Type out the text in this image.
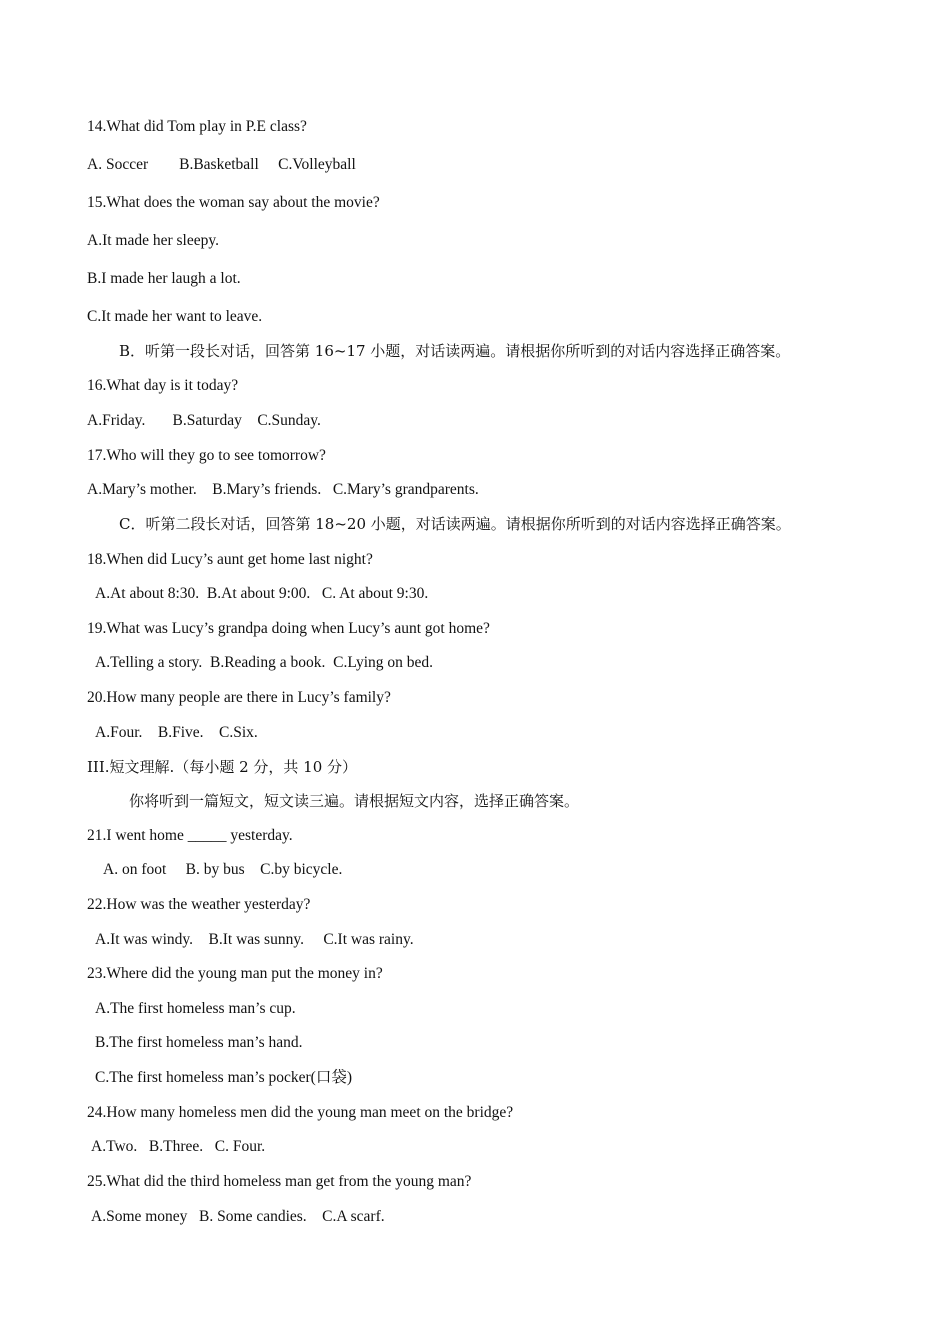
14.What did Tom play in P.E class?
A. Soccer        B.Basketball     C.Volleyball
15.What does the woman say about the movie?
A.It made her sleepy.
B.I made her laugh a lot.
C.It made her want to leave.
B．听第一段长对话，回答第 16~17 小题，对话读两遍。请根据你所听到的对话内容选择正确答案。
16.What day is it today?
A.Friday.       B.Saturday    C.Sunday.
17.Who will they go to see tomorrow?
A.Mary’s mother.    B.Mary’s friends.   C.Mary’s grandparents.
C．听第二段长对话，回答第 18~20 小题，对话读两遍。请根据你所听到的对话内容选择正确答案。
18.When did Lucy’s aunt get home last night?
A.At about 8:30.  B.At about 9:00.   C. At about 9:30.
19.What was Lucy’s grandpa doing when Lucy’s aunt got home?
A.Telling a story.  B.Reading a book.  C.Lying on bed.
20.How many people are there in Lucy’s family?
A.Four.    B.Five.    C.Six.
III.短文理解.（每小题 2 分，共 10 分）
你将听到一篇短文，短文读三遍。请根据短文内容，选择正确答案。
21.I went home _____ yesterday.
A. on foot     B. by bus    C.by bicycle.
22.How was the weather yesterday?
A.It was windy.    B.It was sunny.     C.It was rainy.
23.Where did the young man put the money in?
A.The first homeless man’s cup.
B.The first homeless man’s hand.
C.The first homeless man’s pocker(口袋)
24.How many homeless men did the young man meet on the bridge?
A.Two.   B.Three.   C. Four.
25.What did the third homeless man get from the young man?
A.Some money   B. Some candies.    C.A scarf.
